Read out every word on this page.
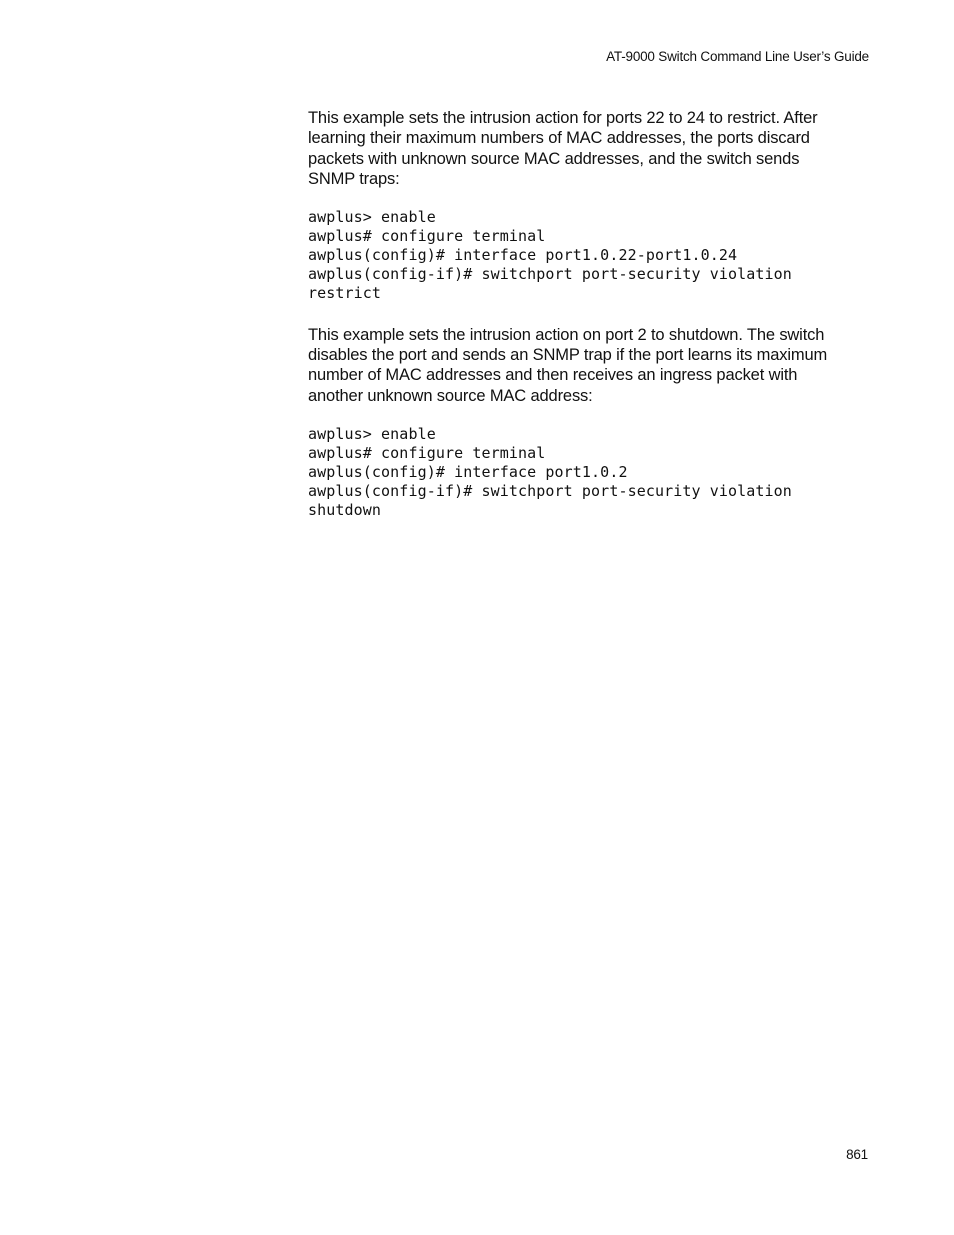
AT-9000 Switch Command Line User’s Guide

This example sets the intrusion action for ports 22 to 24 to restrict. After
learning their maximum numbers of MAC addresses, the ports discard
packets with unknown source MAC addresses, and the switch sends
SNMP traps:

awplus> enable
awplus# configure terminal
awplus(config)# interface port1.0.22-port1.0.24
awplus(config-if)# switchport port-security violation
restrict

This example sets the intrusion action on port 2 to shutdown. The switch
disables the port and sends an SNMP trap if the port learns its maximum
number of MAC addresses and then receives an ingress packet with
another unknown source MAC address:

awplus> enable
awplus# configure terminal
awplus(config)# interface port1.0.2
awplus(config-if)# switchport port-security violation
shutdown
861
